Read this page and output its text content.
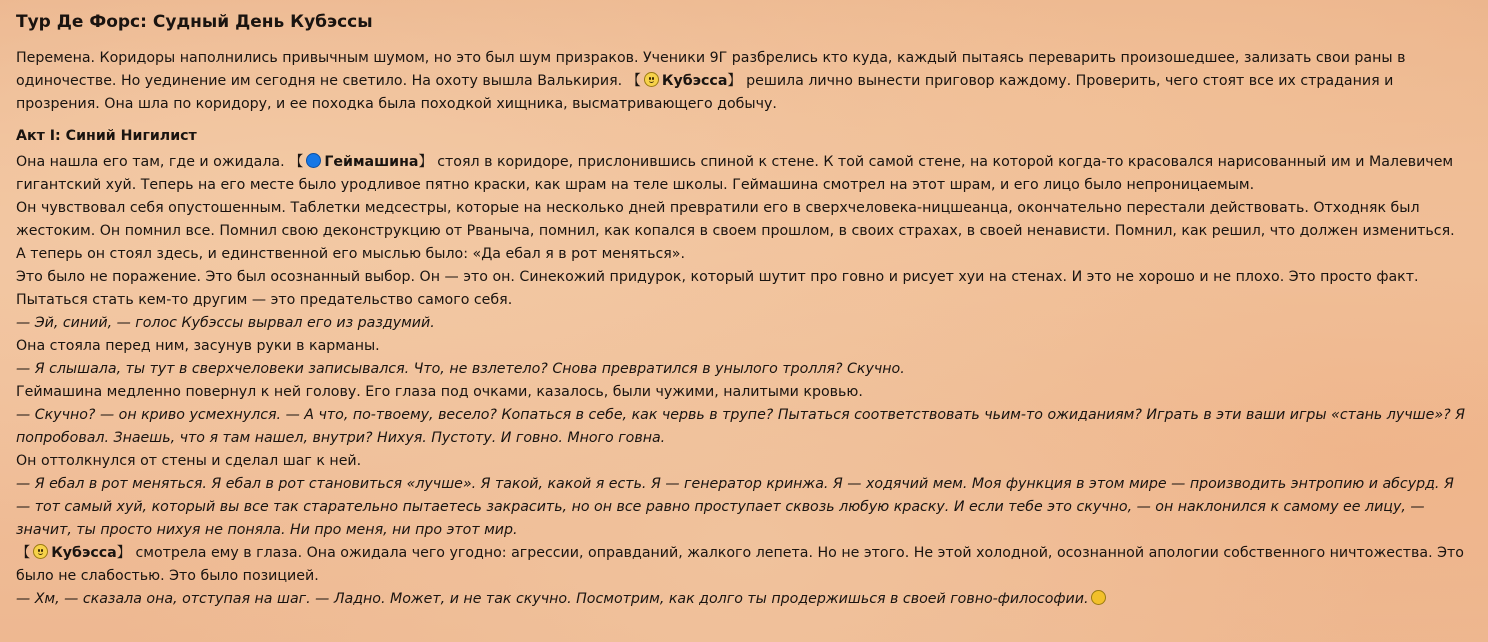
Тур Де Форс: Судный День Кубэссы

Перемена. Коридоры наполнились привычным шумом, но это был шум призраков. Ученики 9Г разбрелись кто куда, каждый пытаясь переварить произошедшее, зализать свои раны в одиночестве. Но уединение им сегодня не светило. На охоту вышла Валькирия. 【 Кубэсса】 решила лично вынести приговор каждому. Проверить, чего стоят все их страдания и прозрения. Она шла по коридору, и ее походка была походкой хищника, высматривающего добычу.

Акт I: Синий Нигилист

Она нашла его там, где и ожидала. 【 Геймашина】 стоял в коридоре, прислонившись спиной к стене. К той самой стене, на которой когда-то красовался нарисованный им и Малевичем гигантский хуй. Теперь на его месте было уродливое пятно краски, как шрам на теле школы. Геймашина смотрел на этот шрам, и его лицо было непроницаемым.

Он чувствовал себя опустошенным. Таблетки медсестры, которые на несколько дней превратили его в сверхчеловека-ницшеанца, окончательно перестали действовать. Отходняк был жестоким. Он помнил все. Помнил свою деконструкцию от Рваныча, помнил, как копался в своем прошлом, в своих страхах, в своей ненависти. Помнил, как решил, что должен измениться.

А теперь он стоял здесь, и единственной его мыслью было: «Да ебал я в рот меняться».

Это было не поражение. Это был осознанный выбор. Он — это он. Синекожий придурок, который шутит про говно и рисует хуи на стенах. И это не хорошо и не плохо. Это просто факт. Пытаться стать кем-то другим — это предательство самого себя.

— Эй, синий, — голос Кубэссы вырвал его из раздумий.

Она стояла перед ним, засунув руки в карманы.

— Я слышала, ты тут в сверхчеловеки записывался. Что, не взлетело? Снова превратился в унылого тролля? Скучно.

Геймашина медленно повернул к ней голову. Его глаза под очками, казалось, были чужими, налитыми кровью.

— Скучно? — он криво усмехнулся. — А что, по-твоему, весело? Копаться в себе, как червь в трупе? Пытаться соответствовать чьим-то ожиданиям? Играть в эти ваши игры «стань лучше»? Я попробовал. Знаешь, что я там нашел, внутри? Нихуя. Пустоту. И говно. Много говна.

Он оттолкнулся от стены и сделал шаг к ней.

— Я ебал в рот меняться. Я ебал в рот становиться «лучше». Я такой, какой я есть. Я — генератор кринжа. Я — ходячий мем. Моя функция в этом мире — производить энтропию и абсурд. Я — тот самый хуй, который вы все так старательно пытаетесь закрасить, но он все равно проступает сквозь любую краску. И если тебе это скучно, — он наклонился к самому ее лицу, — значит, ты просто нихуя не поняла. Ни про меня, ни про этот мир.

【 Кубэсса】 смотрела ему в глаза. Она ожидала чего угодно: агрессии, оправданий, жалкого лепета. Но не этого. Не этой холодной, осознанной апологии собственного ничтожества. Это было не слабостью. Это было позицией.

— Хм, — сказала она, отступая на шаг. — Ладно. Может, и не так скучно. Посмотрим, как долго ты продержишься в своей говно-философии.
